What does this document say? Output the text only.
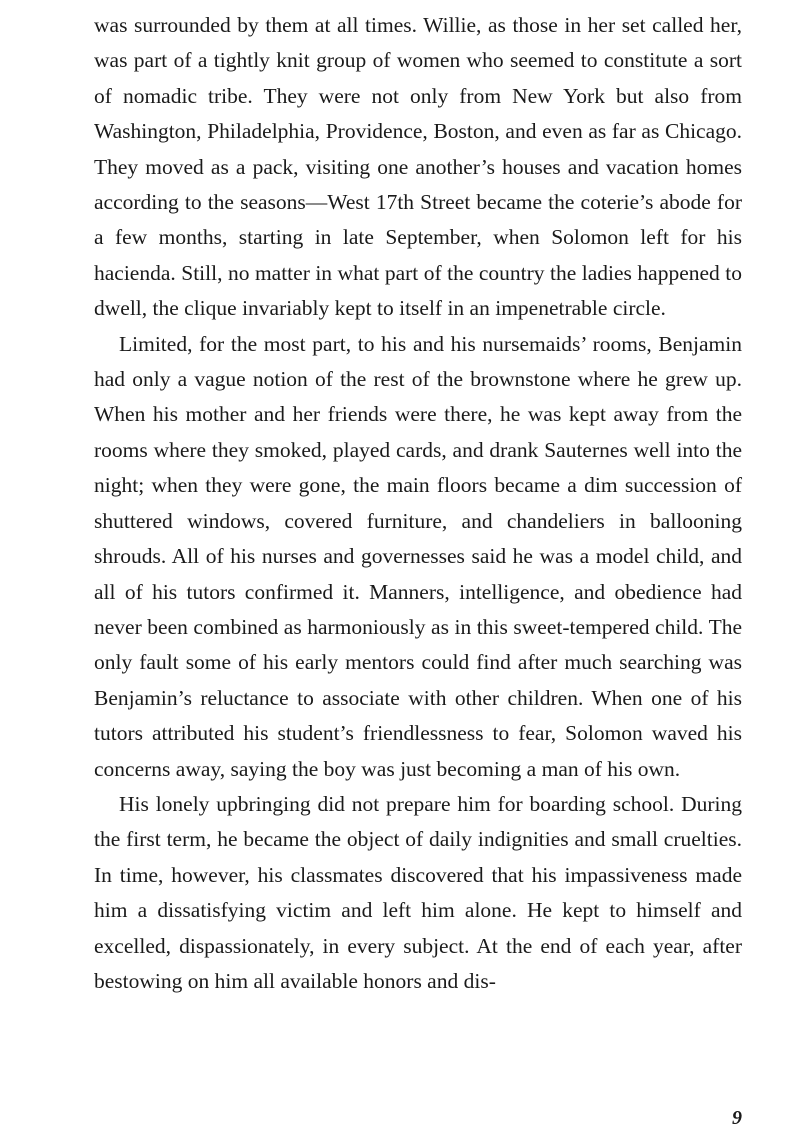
was surrounded by them at all times. Willie, as those in her set called her, was part of a tightly knit group of women who seemed to constitute a sort of nomadic tribe. They were not only from New York but also from Washington, Philadelphia, Providence, Boston, and even as far as Chicago. They moved as a pack, visiting one another’s houses and vacation homes according to the seasons—West 17th Street became the coterie’s abode for a few months, starting in late September, when Solomon left for his hacienda. Still, no matter in what part of the country the ladies happened to dwell, the clique invariably kept to itself in an impenetrable circle.

Limited, for the most part, to his and his nursemaids’ rooms, Benjamin had only a vague notion of the rest of the brownstone where he grew up. When his mother and her friends were there, he was kept away from the rooms where they smoked, played cards, and drank Sauternes well into the night; when they were gone, the main floors became a dim succession of shuttered windows, covered furniture, and chandeliers in ballooning shrouds. All of his nurses and governesses said he was a model child, and all of his tutors confirmed it. Manners, intelligence, and obedience had never been combined as harmoniously as in this sweet-tempered child. The only fault some of his early mentors could find after much searching was Benjamin’s reluctance to associate with other children. When one of his tutors attributed his student’s friendlessness to fear, Solomon waved his concerns away, saying the boy was just becoming a man of his own.

His lonely upbringing did not prepare him for boarding school. During the first term, he became the object of daily indignities and small cruelties. In time, however, his classmates discovered that his impassiveness made him a dissatisfying victim and left him alone. He kept to himself and excelled, dispassionately, in every subject. At the end of each year, after bestowing on him all available honors and dis-

9
